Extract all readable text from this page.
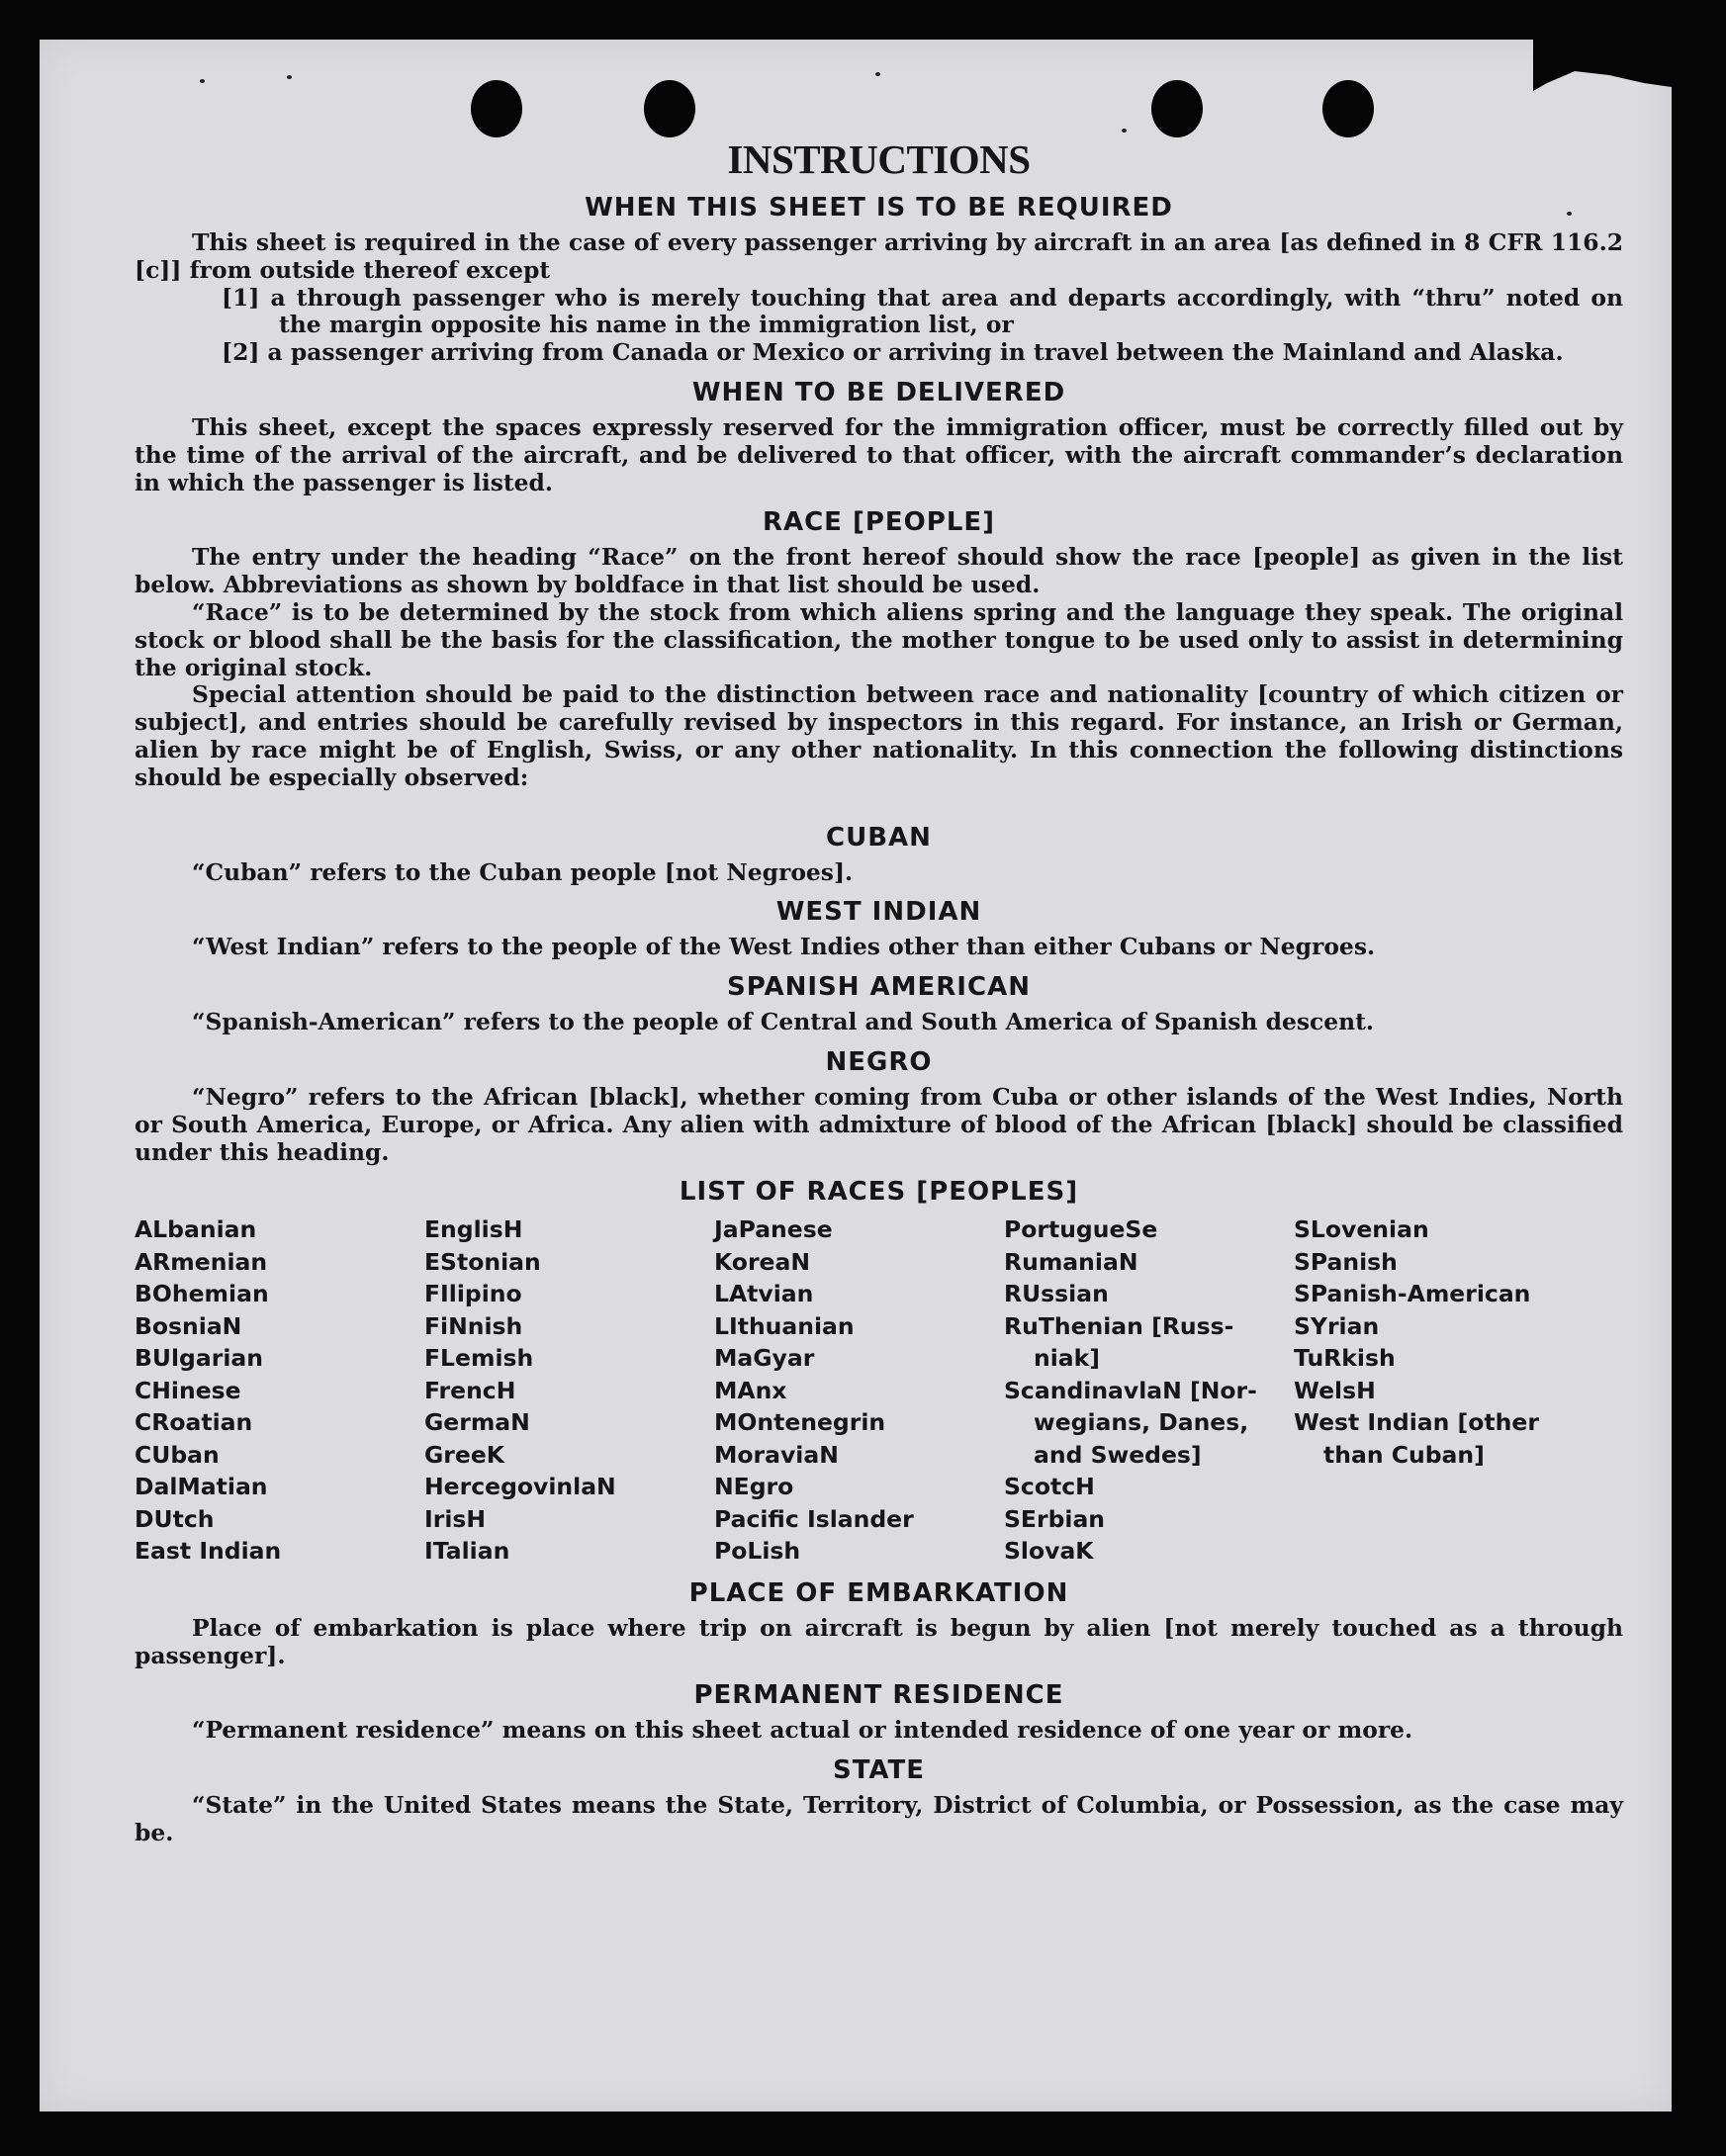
INSTRUCTIONS
WHEN THIS SHEET IS TO BE REQUIRED

This sheet is required in the case of every passenger arriving by aircraft in an area [as defined in 8 CFR 116.2 [c]] from outside thereof except

[1] a through passenger who is merely touching that area and departs accordingly, with “thru” noted on the margin opposite his name in the immigration list, or

[2] a passenger arriving from Canada or Mexico or arriving in travel between the Mainland and Alaska.

WHEN TO BE DELIVERED

This sheet, except the spaces expressly reserved for the immigration officer, must be correctly filled out by the time of the arrival of the aircraft, and be delivered to that officer, with the aircraft commander’s declaration in which the passenger is listed.

RACE [PEOPLE]

The entry under the heading “Race” on the front hereof should show the race [people] as given in the list below. Abbreviations as shown by boldface in that list should be used.

“Race” is to be determined by the stock from which aliens spring and the language they speak. The original stock or blood shall be the basis for the classification, the mother tongue to be used only to assist in determining the original stock.

Special attention should be paid to the distinction between race and nationality [country of which citizen or subject], and entries should be carefully revised by inspectors in this regard. For instance, an Irish or German, alien by race might be of English, Swiss, or any other nationality. In this connection the following distinctions should be especially observed:

CUBAN

“Cuban” refers to the Cuban people [not Negroes].

WEST INDIAN

“West Indian” refers to the people of the West Indies other than either Cubans or Negroes.

SPANISH AMERICAN

“Spanish-American” refers to the people of Central and South America of Spanish descent.

NEGRO

“Negro” refers to the African [black], whether coming from Cuba or other islands of the West Indies, North or South America, Europe, or Africa. Any alien with admixture of blood of the African [black] should be classified under this heading.

LIST OF RACES [PEOPLES]
ALbanian
ARmenian
BOhemian
BosniaN
BUlgarian
CHinese
CRoatian
CUban
DalMatian
DUtch
East Indian
EnglisH
EStonian
FIlipino
FiNnish
FLemish
FrencH
GermaN
GreeK
HercegovinlaN
IrisH
ITalian
JaPanese
KoreaN
LAtvian
LIthuanian
MaGyar
MAnx
MOntenegrin
MoraviaN
NEgro
Pacific Islander
PoLish
PortugueSe
RumaniaN
RUssian
RuThenian [Russ-
niak]
ScandinavlaN [Nor-
wegians, Danes,
and Swedes]
ScotcH
SErbian
SlovaK
SLovenian
SPanish
SPanish-American
SYrian
TuRkish
WelsH
West Indian [other
than Cuban]
PLACE OF EMBARKATION

Place of embarkation is place where trip on aircraft is begun by alien [not merely touched as a through passenger].

PERMANENT RESIDENCE

“Permanent residence” means on this sheet actual or intended residence of one year or more.

STATE

“State” in the United States means the State, Territory, District of Columbia, or Possession, as the case may be.
